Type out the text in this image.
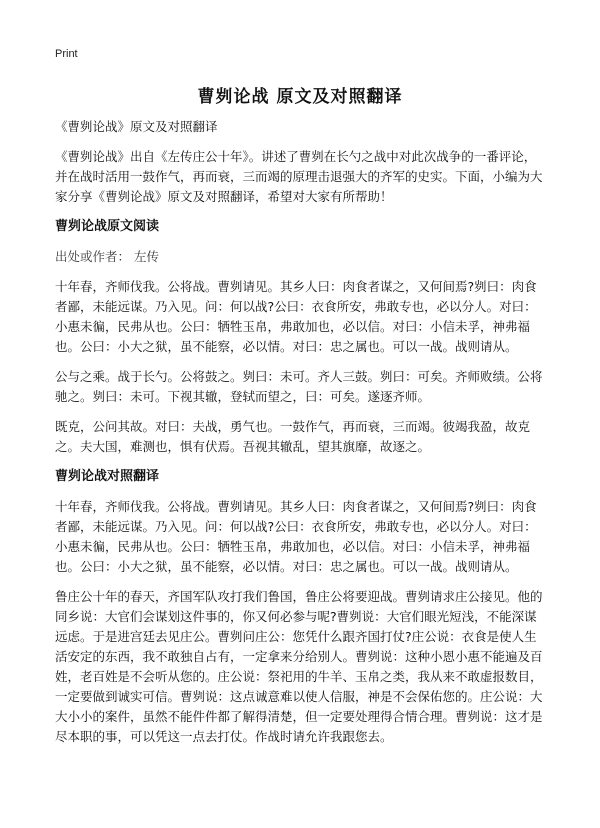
Print
曹刿论战 原文及对照翻译

《曹刿论战》原文及对照翻译

《曹刿论战》出自《左传庄公十年》。讲述了曹刿在长勺之战中对此次战争的一番评论，并在战时活用一鼓作气，再而衰，三而竭的原理击退强大的齐军的史实。下面，小编为大家分享《曹刿论战》原文及对照翻译，希望对大家有所帮助！

曹刿论战原文阅读

出处或作者： 左传

十年春，齐师伐我。公将战。曹刿请见。其乡人曰：肉食者谋之，又何间焉?刿曰：肉食者鄙，未能远谋。乃入见。问：何以战?公曰：衣食所安，弗敢专也，必以分人。对曰：小惠未徧，民弗从也。公曰：牺牲玉帛，弗敢加也，必以信。对曰：小信未孚，神弗福也。公曰：小大之狱，虽不能察，必以情。对曰：忠之属也。可以一战。战则请从。

公与之乘。战于长勺。公将鼓之。刿曰：未可。齐人三鼓。刿曰：可矣。齐师败绩。公将驰之。刿曰：未可。下视其辙，登轼而望之，曰：可矣。遂逐齐师。

既克，公问其故。对曰：夫战，勇气也。一鼓作气，再而衰，三而竭。彼竭我盈，故克之。夫大国，难测也，惧有伏焉。吾视其辙乱，望其旗靡，故逐之。

曹刿论战对照翻译

十年春，齐师伐我。公将战。曹刿请见。其乡人曰：肉食者谋之，又何间焉?刿曰：肉食者鄙，未能远谋。乃入见。问：何以战?公曰：衣食所安，弗敢专也，必以分人。对曰：小惠未徧，民弗从也。公曰：牺牲玉帛，弗敢加也，必以信。对曰：小信未孚，神弗福也。公曰：小大之狱，虽不能察，必以情。对曰：忠之属也。可以一战。战则请从。

鲁庄公十年的春天，齐国军队攻打我们鲁国，鲁庄公将要迎战。曹刿请求庄公接见。他的同乡说：大官们会谋划这件事的，你又何必参与呢?曹刿说：大官们眼光短浅，不能深谋远虑。于是进宫廷去见庄公。曹刿问庄公：您凭什么跟齐国打仗?庄公说：衣食是使人生活安定的东西，我不敢独自占有，一定拿来分给别人。曹刿说：这种小恩小惠不能遍及百姓，老百姓是不会听从您的。庄公说：祭祀用的牛羊、玉帛之类，我从来不敢虚报数目，一定要做到诚实可信。曹刿说：这点诚意难以使人信服，神是不会保佑您的。庄公说：大大小小的案件，虽然不能件件都了解得清楚，但一定要处理得合情合理。曹刿说：这才是尽本职的事，可以凭这一点去打仗。作战时请允许我跟您去。
